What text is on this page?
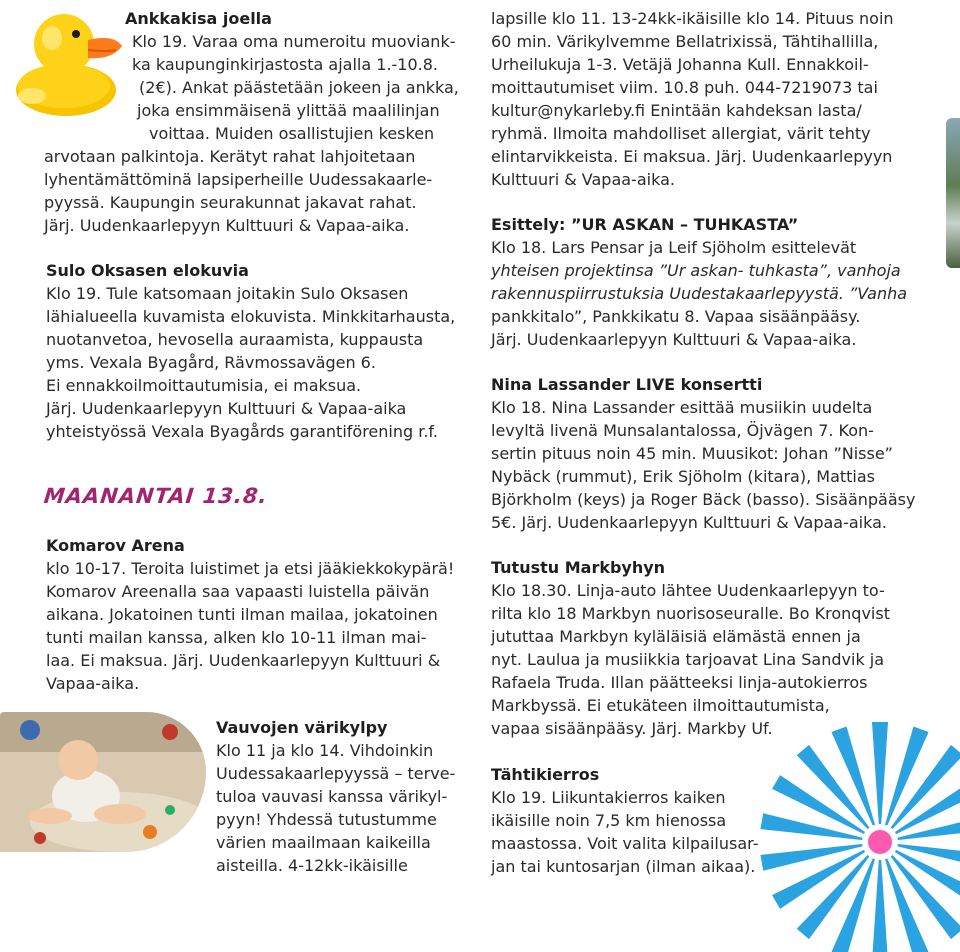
Ankkakisa joella
Klo 19. Varaa oma numeroitu muoviank-
ka kaupunginkirjastosta ajalla 1.-10.8.
(2€). Ankat päästetään jokeen ja ankka,
joka ensimmäisenä ylittää maalilinjan
voittaa. Muiden osallistujien kesken
arvotaan palkintoja. Kerätyt rahat lahjoitetaan
lyhentämättöminä lapsiperheille Uudessakaarle-
pyyssä. Kaupungin seurakunnat jakavat rahat.
Järj. Uudenkaarlepyyn Kulttuuri & Vapaa-aika.
Sulo Oksasen elokuvia
Klo 19. Tule katsomaan joitakin Sulo Oksasen
lähialueella kuvamista elokuvista. Minkkitarhausta,
nuotanvetoa, hevosella auraamista, kuppausta
yms. Vexala Byagård, Rävmossavägen 6.
Ei ennakkoilmoittautumisia, ei maksua.
Järj. Uudenkaarlepyyn Kulttuuri & Vapaa-aika
yhteistyössä Vexala Byagårds garantiförening r.f.
MAANANTAI 13.8.
Komarov Arena
klo 10-17. Teroita luistimet ja etsi jääkiekkokypärä!
Komarov Areenalla saa vapaasti luistella päivän
aikana. Jokatoinen tunti ilman mailaa, jokatoinen
tunti mailan kanssa, alken klo 10-11 ilman mai-
laa. Ei maksua. Järj. Uudenkaarlepyyn Kulttuuri &
Vapaa-aika.
Vauvojen värikylpy
Klo 11 ja klo 14. Vihdoinkin
Uudessakaarlepyyssä – terve-
tuloa vauvasi kanssa värikyl-
pyyn! Yhdessä tutustumme
värien maailmaan kaikeilla
aisteilla. 4-12kk-ikäisille
lapsille klo 11. 13-24kk-ikäisille klo 14. Pituus noin
60 min. Värikylvemme Bellatrixissä, Tähtihallilla,
Urheilukuja 1-3. Vetäjä Johanna Kull. Ennakkoil-
moittautumiset viim. 10.8 puh. 044-7219073 tai
kultur@nykarleby.fi Enintään kahdeksan lasta/
ryhmä. Ilmoita mahdolliset allergiat, värit tehty
elintarvikkeista. Ei maksua. Järj. Uudenkaarlepyyn
Kulttuuri & Vapaa-aika.
Esittely: ”UR ASKAN – TUHKASTA”
Klo 18. Lars Pensar ja Leif Sjöholm esittelevät
yhteisen projektinsa ”Ur askan- tuhkasta”, vanhoja
rakennuspiirrustuksia Uudestakaarlepyystä. ”Vanha
pankkitalo”, Pankkikatu 8. Vapaa sisäänpääsy.
Järj. Uudenkaarlepyyn Kulttuuri & Vapaa-aika.
Nina Lassander LIVE konsertti
Klo 18. Nina Lassander esittää musiikin uudelta
levyltä livenä Munsalantalossa, Öjvägen 7. Kon-
sertin pituus noin 45 min. Muusikot: Johan ”Nisse”
Nybäck (rummut), Erik Sjöholm (kitara), Mattias
Björkholm (keys) ja Roger Bäck (basso). Sisäänpääsy
5€. Järj. Uudenkaarlepyyn Kulttuuri & Vapaa-aika.
Tutustu Markbyhyn
Klo 18.30. Linja-auto lähtee Uudenkaarlepyyn to-
rilta klo 18 Markbyn nuorisoseuralle. Bo Kronqvist
jututtaa Markbyn kyläläisiä elämästä ennen ja
nyt. Laulua ja musiikkia tarjoavat Lina Sandvik ja
Rafaela Truda. Illan päätteeksi linja-autokierros
Markbyssä. Ei etukäteen ilmoittautumista,
vapaa sisäänpääsy. Järj. Markby Uf.
Tähtikierros
Klo 19. Liikuntakierros kaiken
ikäisille noin 7,5 km hienossa
maastossa. Voit valita kilpailusar-
jan tai kuntosarjan (ilman aikaa).
